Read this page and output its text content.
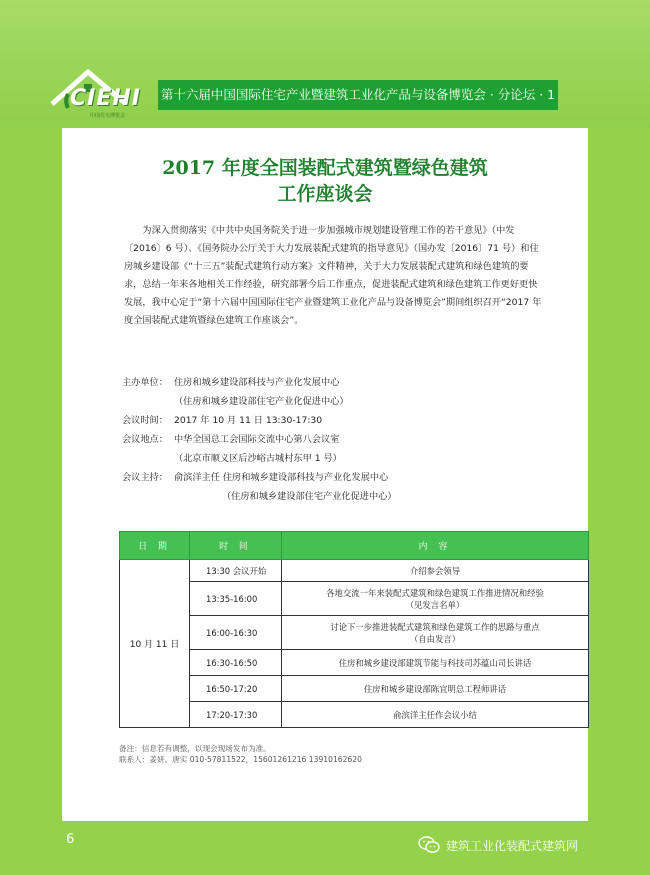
CIEHI
中国住宅博览会
第十六届中国国际住宅产业暨建筑工业化产品与设备博览会 · 分论坛 · 1
2017 年度全国装配式建筑暨绿色建筑
工作座谈会

为深入贯彻落实《中共中央国务院关于进一步加强城市规划建设管理工作的若干意见》（中发〔2016〕6 号）、《国务院办公厅关于大力发展装配式建筑的指导意见》（国办发〔2016〕71 号）和住房城乡建设部《“十三五”装配式建筑行动方案》文件精神，关于大力发展装配式建筑和绿色建筑的要求，总结一年来各地相关工作经验，研究部署今后工作重点，促进装配式建筑和绿色建筑工作更好更快发展，我中心定于“第十六届中国国际住宅产业暨建筑工业化产品与设备博览会”期间组织召开“2017 年度全国装配式建筑暨绿色建筑工作座谈会”。

主办单位： 住房和城乡建设部科技与产业化发展中心
（住房和城乡建设部住宅产业化促进中心）
会议时间： 2017 年 10 月 11 日 13:30-17:30
会议地点： 中华全国总工会国际交流中心第八会议室
（北京市顺义区后沙峪古城村东甲 1 号）
会议主持： 俞滨洋主任 住房和城乡建设部科技与产业化发展中心
（住房和城乡建设部住宅产业化促进中心）
日 期	时 间	内 容
10 月 11 日	13:30 会议开始	介绍参会领导

	13:35-16:00	各地交流一年来装配式建筑和绿色建筑工作推进情况和经验
（见发言名单）

	16:00-16:30	讨论下一步推进装配式建筑和绿色建筑工作的思路与重点
（自由发言）

	16:30-16:50	住房和城乡建设部建筑节能与科技司苏蕴山司长讲话

	16:50-17:20	住房和城乡建设部陈宜明总工程师讲话

	17:20-17:30	俞滨洋主任作会议小结
备注：信息若有调整，以现会现场发布为准。
联系人：姜妍、唐实 010-57811522，15601261216 13910162620
6	建筑工业化装配式建筑网
